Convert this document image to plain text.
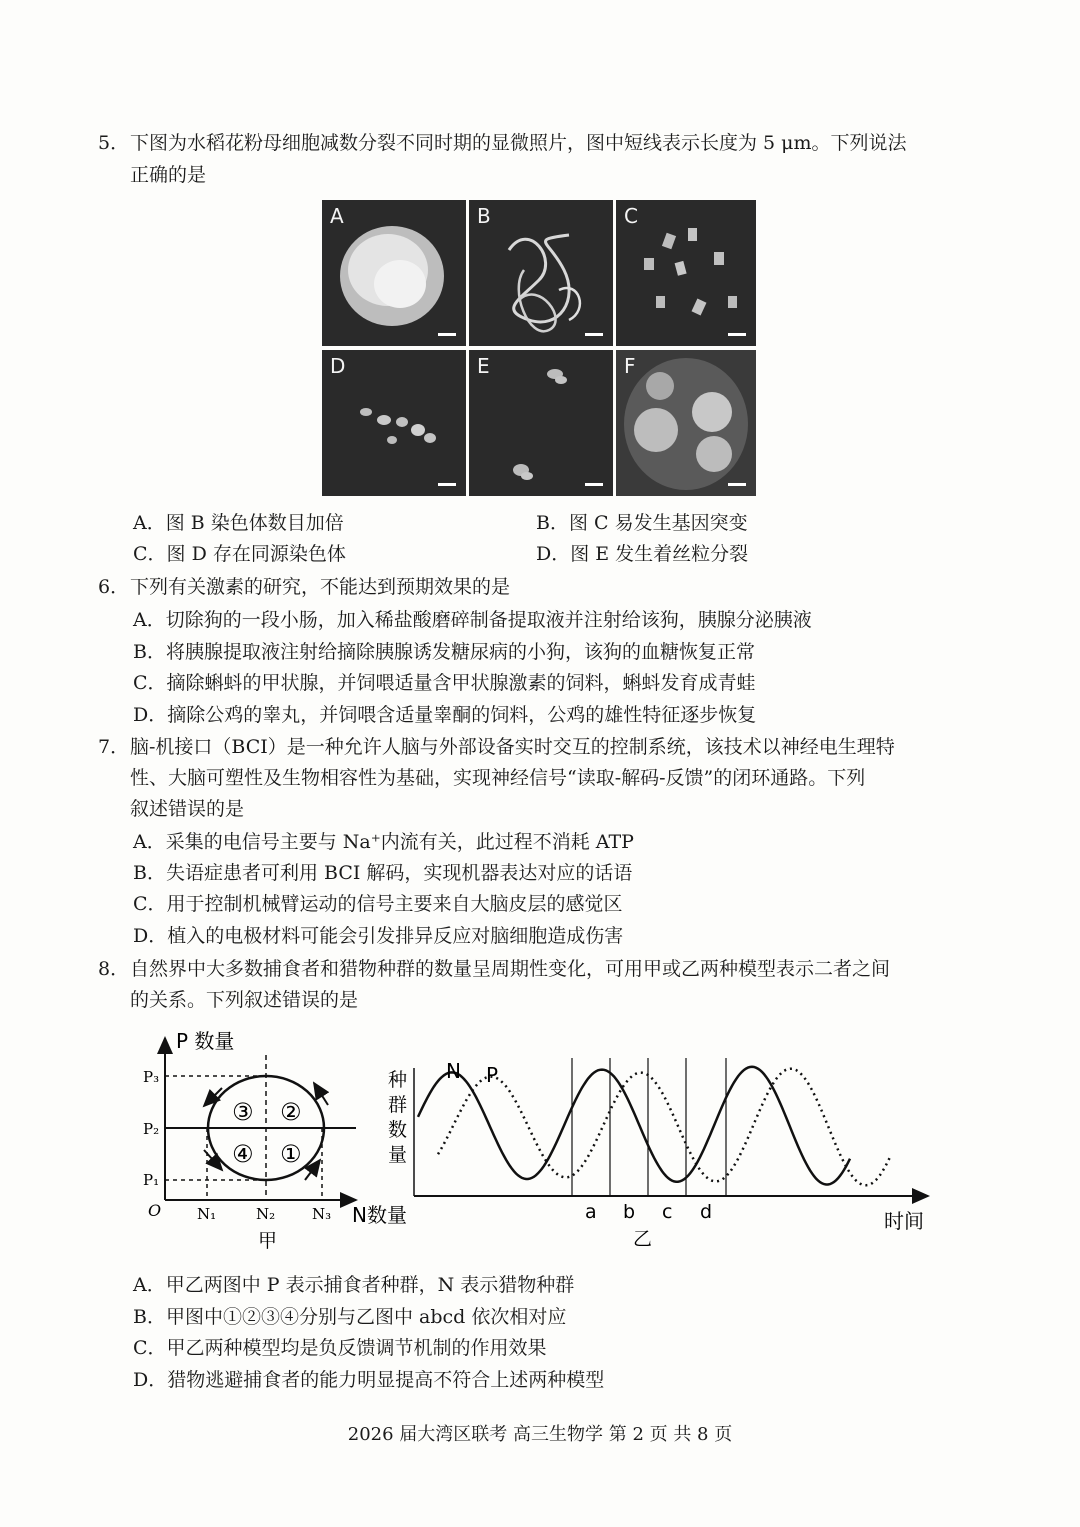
5． 下图为水稻花粉母细胞减数分裂不同时期的显微照片，图中短线表示长度为 5 μm。下列说法
正确的是
A	B	C
D	E	F
A．图 B 染色体数目加倍	B．图 C 易发生基因突变
C．图 D 存在同源染色体	D．图 E 发生着丝粒分裂
6． 下列有关激素的研究，不能达到预期效果的是
A．切除狗的一段小肠，加入稀盐酸磨碎制备提取液并注射给该狗，胰腺分泌胰液
B．将胰腺提取液注射给摘除胰腺诱发糖尿病的小狗，该狗的血糖恢复正常
C．摘除蝌蚪的甲状腺，并饲喂适量含甲状腺激素的饲料，蝌蚪发育成青蛙
D．摘除公鸡的睾丸，并饲喂含适量睾酮的饲料，公鸡的雄性特征逐步恢复
7． 脑-机接口（BCI）是一种允许人脑与外部设备实时交互的控制系统，该技术以神经电生理特
性、大脑可塑性及生物相容性为基础，实现神经信号“读取-解码-反馈”的闭环通路。下列
叙述错误的是
A．采集的电信号主要与 Na⁺内流有关，此过程不消耗 ATP
B．失语症患者可利用 BCI 解码，实现机器表达对应的话语
C．用于控制机械臂运动的信号主要来自大脑皮层的感觉区
D．植入的电极材料可能会引发排异反应对脑细胞造成伤害
8． 自然界中大多数捕食者和猎物种群的数量呈周期性变化，可用甲或乙两种模型表示二者之间
的关系。下列叙述错误的是
P 数量
N数量
O
P₃
P₂
P₁
N₁	N₂ N₃
③ ②
④ ①
甲
种
群
数
量
N P
a b c d	时间
乙
A．甲乙两图中 P 表示捕食者种群，N 表示猎物种群
B．甲图中①②③④分别与乙图中 abcd 依次相对应
C．甲乙两种模型均是负反馈调节机制的作用效果
D．猎物逃避捕食者的能力明显提高不符合上述两种模型
2026 届大湾区联考 高三生物学 第 2 页 共 8 页
